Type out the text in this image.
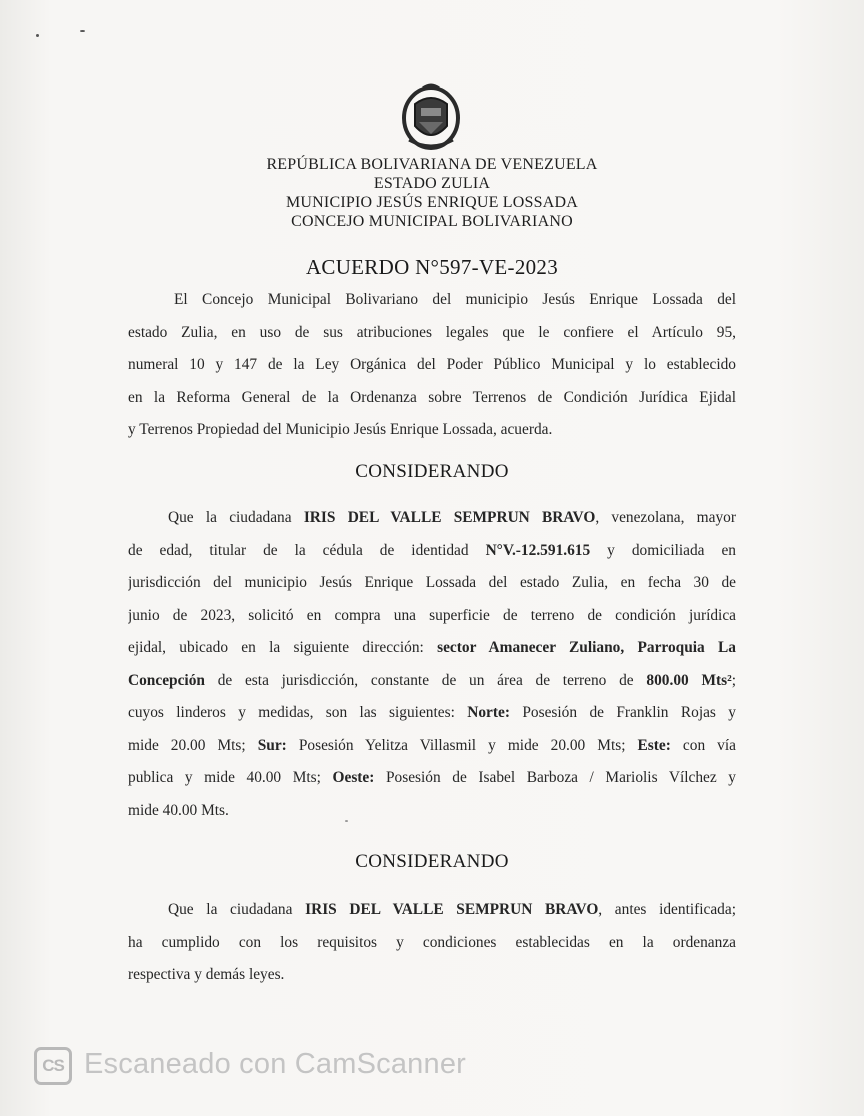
REPÚBLICA BOLIVARIANA DE VENEZUELA
ESTADO ZULIA
MUNICIPIO JESÚS ENRIQUE LOSSADA
CONCEJO MUNICIPAL BOLIVARIANO
ACUERDO N°597-VE-2023
El Concejo Municipal Bolivariano del municipio Jesús Enrique Lossada del
estado Zulia, en uso de sus atribuciones legales que le confiere el Artículo 95,
numeral 10 y 147 de la Ley Orgánica del Poder Público Municipal y lo establecido
en la Reforma General de la Ordenanza sobre Terrenos de Condición Jurídica Ejidal
y Terrenos Propiedad del Municipio Jesús Enrique Lossada, acuerda.
CONSIDERANDO
Que la ciudadana IRIS DEL VALLE SEMPRUN BRAVO, venezolana, mayor
de edad, titular de la cédula de identidad N°V.-12.591.615 y domiciliada en
jurisdicción del municipio Jesús Enrique Lossada del estado Zulia, en fecha 30 de
junio de 2023, solicitó en compra una superficie de terreno de condición jurídica
ejidal, ubicado en la siguiente dirección: sector Amanecer Zuliano, Parroquia La
Concepción de esta jurisdicción, constante de un área de terreno de 800.00 Mts²;
cuyos linderos y medidas, son las siguientes: Norte: Posesión de Franklin Rojas y
mide 20.00 Mts; Sur: Posesión Yelitza Villasmil y mide 20.00 Mts; Este: con vía
publica y mide 40.00 Mts; Oeste: Posesión de Isabel Barboza / Mariolis Vílchez y
mide 40.00 Mts.
CONSIDERANDO
Que la ciudadana IRIS DEL VALLE SEMPRUN BRAVO, antes identificada;
ha cumplido con los requisitos y condiciones establecidas en la ordenanza
respectiva y demás leyes.
CS Escaneado con CamScanner
